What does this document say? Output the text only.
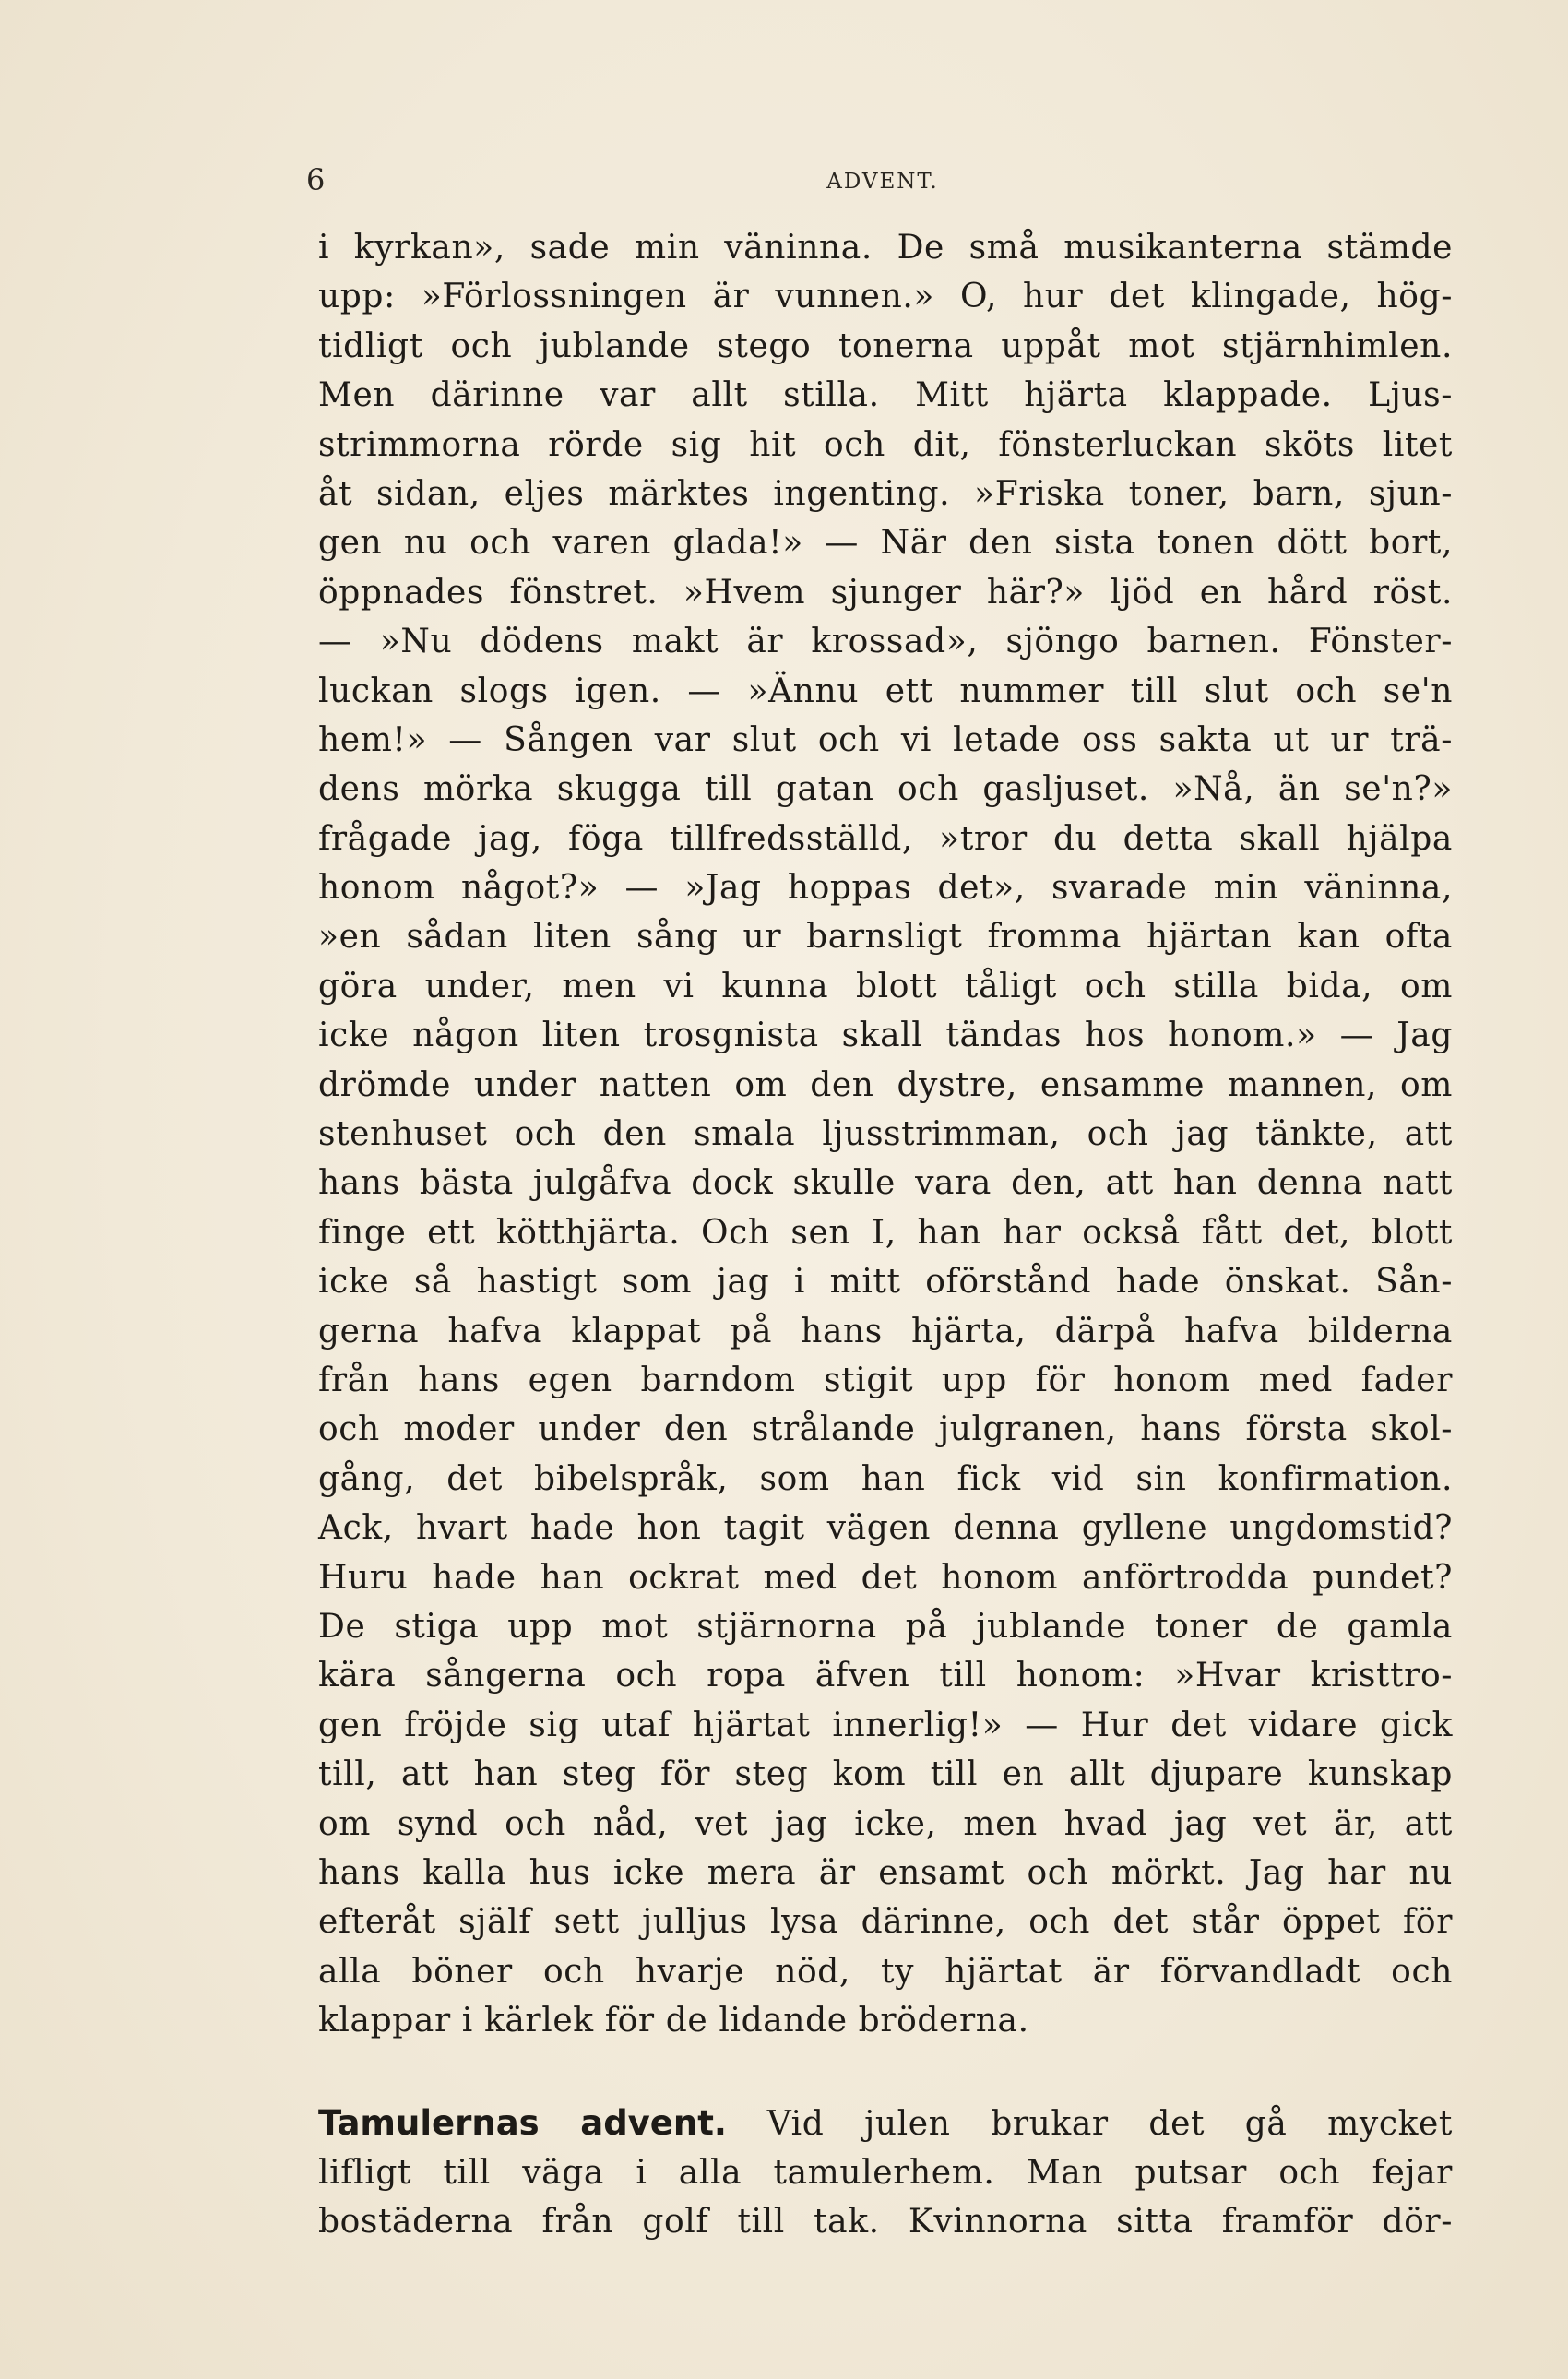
6	ADVENT.
i kyrkan», sade min väninna. De små musikanterna stämde
upp: »Förlossningen är vunnen.» O, hur det klingade, hög-
tidligt och jublande stego tonerna uppåt mot stjärnhimlen.
Men därinne var allt stilla. Mitt hjärta klappade. Ljus-
strimmorna rörde sig hit och dit, fönsterluckan sköts litet
åt sidan, eljes märktes ingenting. »Friska toner, barn, sjun-
gen nu och varen glada!» — När den sista tonen dött bort,
öppnades fönstret. »Hvem sjunger här?» ljöd en hård röst.
— »Nu dödens makt är krossad», sjöngo barnen. Fönster-
luckan slogs igen. — »Ännu ett nummer till slut och se'n
hem!» — Sången var slut och vi letade oss sakta ut ur trä-
dens mörka skugga till gatan och gasljuset. »Nå, än se'n?»
frågade jag, föga tillfredsställd, »tror du detta skall hjälpa
honom något?» — »Jag hoppas det», svarade min väninna,
»en sådan liten sång ur barnsligt fromma hjärtan kan ofta
göra under, men vi kunna blott tåligt och stilla bida, om
icke någon liten trosgnista skall tändas hos honom.» — Jag
drömde under natten om den dystre, ensamme mannen, om
stenhuset och den smala ljusstrimman, och jag tänkte, att
hans bästa julgåfva dock skulle vara den, att han denna natt
finge ett kötthjärta. Och sen I, han har också fått det, blott
icke så hastigt som jag i mitt oförstånd hade önskat. Sån-
gerna hafva klappat på hans hjärta, därpå hafva bilderna
från hans egen barndom stigit upp för honom med fader
och moder under den strålande julgranen, hans första skol-
gång, det bibelspråk, som han fick vid sin konfirmation.
Ack, hvart hade hon tagit vägen denna gyllene ungdomstid?
Huru hade han ockrat med det honom anförtrodda pundet?
De stiga upp mot stjärnorna på jublande toner de gamla
kära sångerna och ropa äfven till honom: »Hvar kristtro-
gen fröjde sig utaf hjärtat innerlig!» — Hur det vidare gick
till, att han steg för steg kom till en allt djupare kunskap
om synd och nåd, vet jag icke, men hvad jag vet är, att
hans kalla hus icke mera är ensamt och mörkt. Jag har nu
efteråt själf sett julljus lysa därinne, och det står öppet för
alla böner och hvarje nöd, ty hjärtat är förvandladt och
klappar i kärlek för de lidande bröderna.
Tamulernas advent. Vid julen brukar det gå mycket
lifligt till väga i alla tamulerhem. Man putsar och fejar
bostäderna från golf till tak. Kvinnorna sitta framför dör-
